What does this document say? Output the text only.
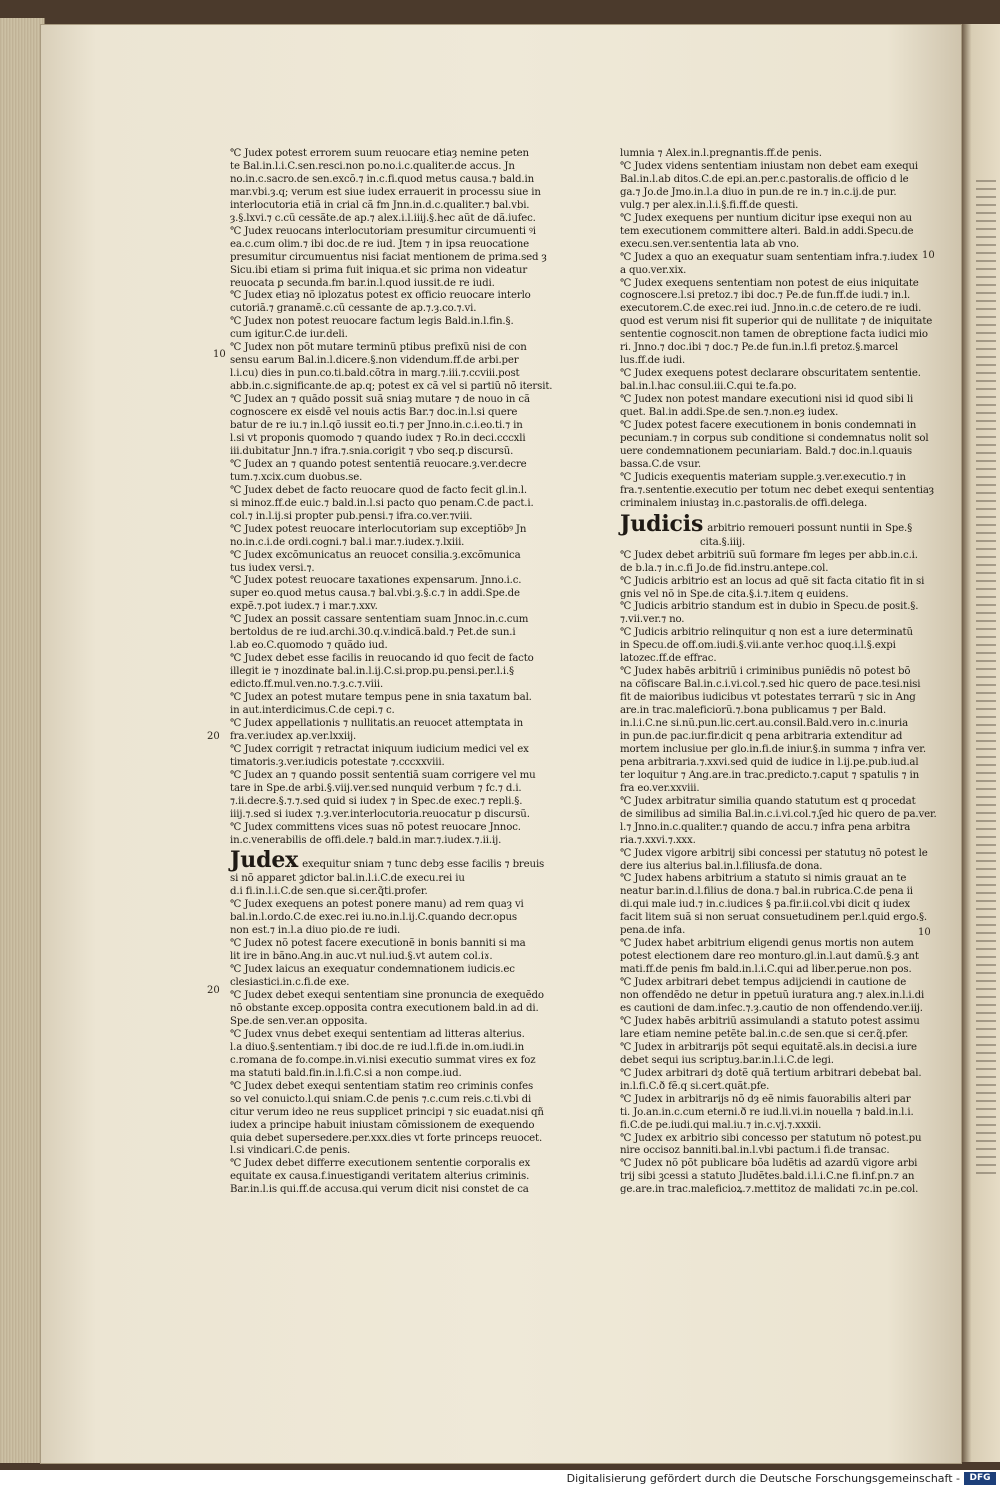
10
20
20
10
10
℃ Judex potest errorem suum reuocare etiaȝ nemine peten
te Bal.in.l.i.C.sen.resci.non po.no.i.c.qualiter.de accus. Jn
no.in.c.sacro.de sen.excõ.⁊ in.c.fi.quod metus causa.⁊ bald.in
mar.vbi.ȝ.q; verum est siue iudex errauerit in processu siue in
interlocutoria etiã in crial cã fm Jnn.in.d.c.qualiter.⁊ bal.vbi.
ȝ.§.lxvi.⁊ c.cũ cessãte.de ap.⁊ alex.i.l.iiij.§.hec aũt de dã.iufec.
℃ Judex reuocans interlocutoriam presumitur circumuenti ꝰi
ea.c.cum olim.⁊ ibi doc.de re iud. Jtem ⁊ in ipsa reuocatione
presumitur circumuentus nisi faciat mentionem de prima.sed ȝ
Sicu.ibi etiam si prima fuit iniqua.et sic prima non videatur
reuocata ꝑ secunda.fm bar.in.l.quod iussit.de re iudi.
℃ Judex etiaȝ nõ iplozatus potest ex officio reuocare interlo
cutoriã.⁊ granamẽ.c.cũ cessante de ap.⁊.ȝ.co.⁊.vi.
℃ Judex non potest reuocare factum legis Bald.in.l.fin.§.
cum igitur.C.de iur.deli.
℃ Judex non põt mutare terminũ ptibus prefixũ nisi de con
sensu earum Bal.in.l.dicere.§.non videndum.ff.de arbi.per
l.i.cu) dies in pun.co.ti.bald.cõtra in marg.⁊.iii.⁊.ccviii.post
abb.in.c.significante.de ap.q; potest ex cã vel si partiũ nõ itersit.
℃ Judex an ⁊ quãdo possit suã sniaȝ mutare ⁊ de nouo in cã
cognoscere ex eisdẽ vel nouis actis Bar.⁊ doc.in.l.si quere
batur de re iu.⁊ in.l.qõ iussit eo.ti.⁊ per Jnno.in.c.i.eo.ti.⁊ in
l.si vt proponis quomodo ⁊ quando iudex ⁊ Ro.in deci.cccxli
iii.dubitatur Jnn.⁊ ifra.⁊.snia.corigit ⁊ vbo seq.p discursũ.
℃ Judex an ⁊ quando potest sententiã reuocare.ȝ.ver.decre
tum.⁊.xcix.cum duobus.se.
℃ Judex debet de facto reuocare quod de facto fecit gl.in.l.
si minoz.ff.de euic.⁊ bald.in.l.si pacto quo penam.C.de pact.i.
col.⁊ in.l.ij.si propter pub.pensi.⁊ ifra.co.ver.⁊viii.
℃ Judex potest reuocare interlocutoriam sup exceptiõbꝰ Jn
no.in.c.i.de ordi.cogni.⁊ bal.i mar.⁊.iudex.⁊.lxiii.
℃ Judex excõmunicatus an reuocet consilia.ȝ.excõmunica
tus iudex versi.⁊.
℃ Judex potest reuocare taxationes expensarum. Jnno.i.c.
super eo.quod metus causa.⁊ bal.vbi.ȝ.§.c.⁊ in addi.Spe.de
expẽ.⁊.pot iudex.⁊ i mar.⁊.xxv.
℃ Judex an possit cassare sententiam suam Jnnoc.in.c.cum
bertoldus de re iud.archi.30.q.v.indicã.bald.⁊ Pet.de sun.i
l.ab eo.C.quomodo ⁊ quãdo iud.
℃ Judex debet esse facilis in reuocando id quo fecit de facto
illegit ie ⁊ inozdinate bal.in.l.ij.C.si.prop.pu.pensi.per.l.i.§
edicto.ff.mul.ven.no.⁊.ȝ.c.⁊.viii.
℃ Judex an potest mutare tempus pene in snia taxatum bal.
in aut.interdicimus.C.de cepi.⁊ c.
℃ Judex appellationis ⁊ nullitatis.an reuocet attemptata in
fra.ver.iudex ap.ver.lxxiij.
℃ Judex corrigit ⁊ retractat iniquum iudicium medici vel ex
timatoris.ȝ.ver.iudicis potestate ⁊.cccxxviii.
℃ Judex an ⁊ quando possit sententiã suam corrigere vel mu
tare in Spe.de arbi.§.viij.ver.sed nunquid verbum ⁊ fc.⁊ d.i.
⁊.ii.decre.§.⁊.⁊.sed quid si iudex ⁊ in Spec.de exec.⁊ repli.§.
iiij.⁊.sed si iudex ⁊.ȝ.ver.interlocutoria.reuocatur p discursũ.
℃ Judex committens vices suas nõ potest reuocare Jnnoc.
in.c.venerabilis de offi.dele.⁊ bald.in mar.⁊.iudex.⁊.ii.ij.
Judex exequitur sniam ⁊ tunc debȝ esse facilis ⁊ breuis
si nõ apparet ꝫdictor bal.in.l.i.C.de execu.rei iu
d.i fi.in.l.i.C.de sen.que si.cer.q̃ti.profer.
℃ Judex exequens an potest ponere manu) ad rem quaȝ vi
bal.in.l.ordo.C.de exec.rei iu.no.in.l.ij.C.quando decr.opus
non est.⁊ in.l.a diuo pio.de re iudi.
℃ Judex nõ potest facere executionẽ in bonis banniti si ma
lit ire in bãno.Ang.in auc.vt nul.iud.§.vt autem col.iɤ.
℃ Judex laicus an exequatur condemnationem iudicis.ec
clesiastici.in.c.fi.de exe.
℃ Judex debet exequi sententiam sine pronuncia de exequẽdo
nõ obstante excep.opposita contra executionem bald.in ad di.
Spe.de sen.ver.an opposita.
℃ Judex vnus debet exequi sententiam ad litteras alterius.
l.a diuo.§.sententiam.⁊ ibi doc.de re iud.l.fi.de in.om.iudi.in
c.romana de fo.compe.in.vi.nisi executio summat vires ex foz
ma statuti bald.fin.in.l.fi.C.si a non compe.iud.
℃ Judex debet exequi sententiam statim reo criminis confes
so vel conuicto.l.qui sniam.C.de penis ⁊.c.cum reis.c.ti.vbi di
citur verum ideo ne reus supplicet principi ⁊ sic euadat.nisi qñ
iudex a principe habuit iniustam cõmissionem de exequendo
quia debet supersedere.per.xxx.dies vt forte princeps reuocet.
l.si vindicari.C.de penis.
℃ Judex debet differre executionem sententie corporalis ex
equitate ex causa.f.inuestigandi veritatem alterius criminis.
Bar.in.l.is qui.ff.de accusa.qui verum dicit nisi constet de ca
lumnia ⁊ Alex.in.l.pregnantis.ff.de penis.
℃ Judex videns sententiam iniustam non debet eam exequi
Bal.in.l.ab ditos.C.de epi.an.per.c.pastoralis.de officio d le
ga.⁊ Jo.de Jmo.in.l.a diuo in pun.de re in.⁊ in.c.ij.de pur.
vulg.⁊ per alex.in.l.i.§.fi.ff.de questi.
℃ Judex exequens per nuntium dicitur ipse exequi non au
tem executionem committere alteri. Bald.in addi.Specu.de
execu.sen.ver.sententia lata ab vno.
℃ Judex a quo an exequatur suam sententiam infra.⁊.iudex
a quo.ver.xix.
℃ Judex exequens sententiam non potest de eius iniquitate
cognoscere.l.si pretoz.⁊ ibi doc.⁊ Pe.de fun.ff.de iudi.⁊ in.l.
executorem.C.de exec.rei iud. Jnno.in.c.de cetero.de re iudi.
quod est verum nisi fit superior qui de nullitate ⁊ de iniquitate
sententie cognoscit.non tamen de obreptione facta iudici mio
ri. Jnno.⁊ doc.ibi ⁊ doc.⁊ Pe.de fun.in.l.fi pretoz.§.marcel
lus.ff.de iudi.
℃ Judex exequens potest declarare obscuritatem sententie.
bal.in.l.hac consul.iii.C.qui te.fa.po.
℃ Judex non potest mandare executioni nisi id quod sibi li
quet. Bal.in addi.Spe.de sen.⁊.non.eȝ iudex.
℃ Judex potest facere executionem in bonis condemnati in
pecuniam.⁊ in corpus sub conditione si condemnatus nolit sol
uere condemnationem pecuniariam. Bald.⁊ doc.in.l.quauis
bassa.C.de vsur.
℃ Judicis exequentis materiam supple.ȝ.ver.executio.⁊ in
fra.⁊.sententie.executio per totum nec debet exequi sententiaȝ
criminalem iniustaȝ in.c.pastoralis.de offi.delega.
Judicis arbitrio remoueri possunt nuntii in Spe.§
cita.§.iiij.
℃ Judex debet arbitriũ suũ formare fm leges per abb.in.c.i.
de b.la.⁊ in.c.fi Jo.de fid.instru.antepe.col.
℃ Judicis arbitrio est an locus ad quẽ sit facta citatio fit in si
gnis vel nõ in Spe.de cita.§.i.⁊.item q euidens.
℃ Judicis arbitrio standum est in dubio in Specu.de posit.§.
⁊.vii.ver.⁊ no.
℃ Judicis arbitrio relinquitur q non est a iure determinatũ
in Specu.de off.om.iudi.§.vii.ante ver.hoc quoq.i.l.§.expi
latozec.ff.de effrac.
℃ Judex habẽs arbitriũ i criminibus puniẽdis nõ potest bõ
na cõfiscare Bal.in.c.i.vi.col.⁊.sed hic quero de pace.tesi.nisi
fit de maioribus iudicibus vt potestates terrarũ ⁊ sic in Ang
are.in trac.maleficiorũ.⁊.bona publicamus ⁊ per Bald.
in.l.i.C.ne si.nũ.pun.lic.cert.au.consil.Bald.vero in.c.inuria
in pun.de pac.iur.fir.dicit q pena arbitraria extenditur ad
mortem inclusiue per glo.in.fi.de iniur.§.in summa ⁊ infra ver.
pena arbitraria.⁊.xxvi.sed quid de iudice in l.ij.pe.pub.iud.al
ter loquitur ⁊ Ang.are.in trac.predicto.⁊.caput ⁊ spatulis ⁊ in
fra eo.ver.xxviii.
℃ Judex arbitratur similia quando statutum est q procedat
de similibus ad similia Bal.in.c.i.vi.col.⁊.ʃed hic quero de pa.ver.
l.⁊ Jnno.in.c.qualiter.⁊ quando de accu.⁊ infra pena arbitra
ria.⁊.xxvi.⁊.xxx.
℃ Judex vigore arbitrij sibi concessi per statutuȝ nõ potest le
dere ius alterius bal.in.l.filiusfa.de dona.
℃ Judex habens arbitrium a statuto si nimis grauat an te
neatur bar.in.d.l.filius de dona.⁊ bal.in rubrica.C.de pena ii
di.qui male iud.⁊ in.c.iudices § pa.fir.ii.col.vbi dicit q iudex
facit litem suã si non seruat consuetudinem per.l.quid ergo.§.
pena.de infa.
℃ Judex habet arbitrium eligendi genus mortis non autem
potest electionem dare reo monturo.gl.in.l.aut damũ.§.ȝ ant
mati.ff.de penis fm bald.in.l.i.C.qui ad liber.perue.non pos.
℃ Judex arbitrari debet tempus adijciendi in cautione de
non offendẽdo ne detur in ppetuũ iuratura ang.⁊ alex.in.l.i.di
es cautioni de dam.infec.⁊.ȝ.cautio de non offendendo.ver.iij.
℃ Judex habẽs arbitriũ assimulandi a statuto potest assimu
lare etiam nemine petẽte bal.in.c.de sen.que si cer.q̃.pfer.
℃ Judex in arbitrarijs põt sequi equitatẽ.als.in decisi.a iure
debet sequi ius scriptuȝ.bar.in.l.i.C.de legi.
℃ Judex arbitrari dȝ dotẽ quã tertium arbitrari debebat bal.
in.l.fi.C.ð fẽ.q si.cert.quãt.pfe.
℃ Judex in arbitrarijs nõ dȝ eẽ nimis fauorabilis alteri par
ti. Jo.an.in.c.cum eterni.ð re iud.li.vi.in nouella ⁊ bald.in.l.i.
fi.C.de pe.iudi.qui mal.iu.⁊ in.c.vj.⁊.xxxii.
℃ Judex ex arbitrio sibi concesso per statutum nõ potest.pu
nire occisoz banniti.bal.in.l.vbi pactum.i fi.de transac.
℃ Judex nõ põt publicare bõa ludẽtis ad azardũ vigore arbi
trij sibi ꝫcessi a statuto Jludẽtes.bald.i.l.i.C.ne fi.inf.pn.⁊ an
ge.are.in trac.maleficioꝝ.⁊.mettitoz de malidati ⁊c.in pe.col.
Digitalisierung gefördert durch die Deutsche Forschungsgemeinschaft -	DFG
